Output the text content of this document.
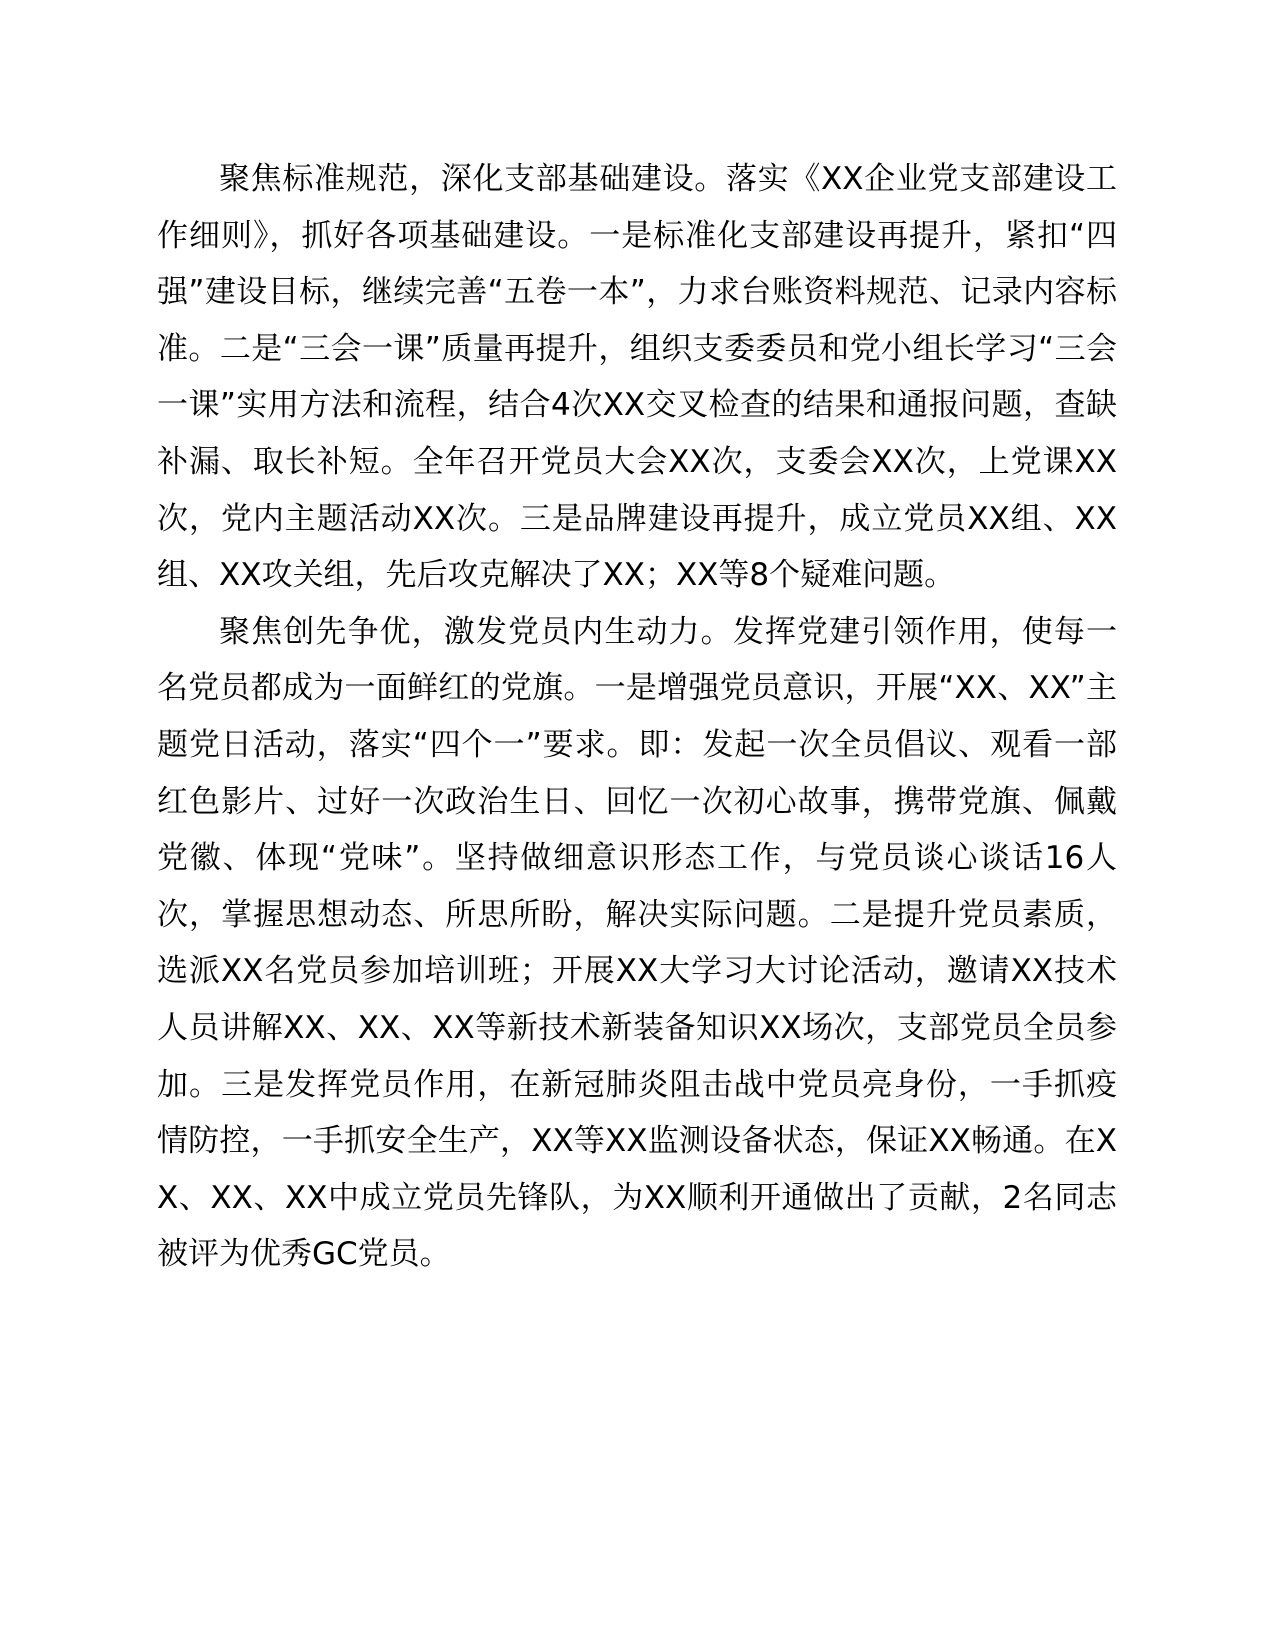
聚焦标准规范，深化支部基础建设。落实《XX企业党支部建设工作细则》，抓好各项基础建设。一是标准化支部建设再提升，紧扣“四强”建设目标，继续完善“五卷一本”，力求台账资料规范、记录内容标准。二是“三会一课”质量再提升，组织支委委员和党小组长学习“三会一课”实用方法和流程，结合4次XX交叉检查的结果和通报问题，查缺补漏、取长补短。全年召开党员大会XX次，支委会XX次，上党课XX次，党内主题活动XX次。三是品牌建设再提升，成立党员XX组、XX组、XX攻关组，先后攻克解决了XX；XX等8个疑难问题。

聚焦创先争优，激发党员内生动力。发挥党建引领作用，使每一名党员都成为一面鲜红的党旗。一是增强党员意识，开展“XX、XX”主题党日活动，落实“四个一”要求。即：发起一次全员倡议、观看一部红色影片、过好一次政治生日、回忆一次初心故事，携带党旗、佩戴党徽、体现“党味”。坚持做细意识形态工作，与党员谈心谈话16人次，掌握思想动态、所思所盼，解决实际问题。二是提升党员素质，选派XX名党员参加培训班；开展XX大学习大讨论活动，邀请XX技术人员讲解XX、XX、XX等新技术新装备知识XX场次，支部党员全员参加。三是发挥党员作用，在新冠肺炎阻击战中党员亮身份，一手抓疫情防控，一手抓安全生产，XX等XX监测设备状态，保证XX畅通。在XX、XX、XX中成立党员先锋队，为XX顺利开通做出了贡献，2名同志被评为优秀GC党员。
